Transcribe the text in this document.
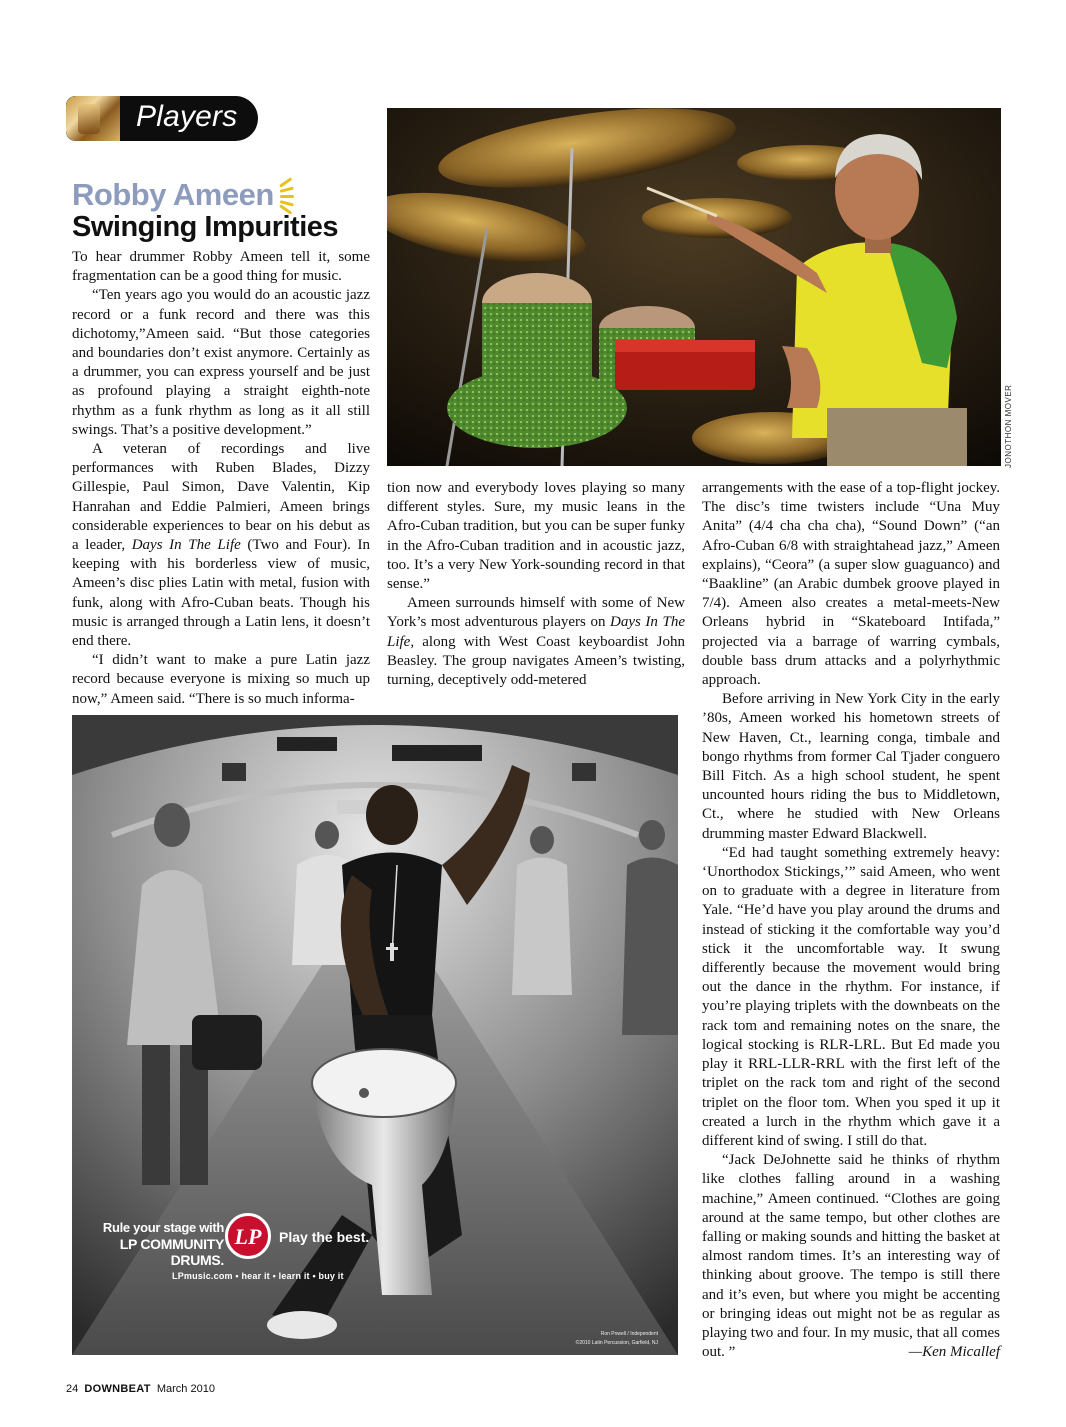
Players
Robby Ameen
Swinging Impurities

To hear drummer Robby Ameen tell it, some fragmentation can be a good thing for music.

“Ten years ago you would do an acoustic jazz record or a funk record and there was this dichotomy,”Ameen said. “But those categories and boundaries don’t exist anymore. Certainly as a drummer, you can express yourself and be just as profound playing a straight eighth-note rhythm as a funk rhythm as long as it all still swings. That’s a positive development.”

A veteran of recordings and live performances with Ruben Blades, Dizzy Gillespie, Paul Simon, Dave Valentin, Kip Hanrahan and Eddie Palmieri, Ameen brings considerable experiences to bear on his debut as a leader, Days In The Life (Two and Four). In keeping with his borderless view of music, Ameen’s disc plies Latin with metal, fusion with funk, along with Afro-Cuban beats. Though his music is arranged through a Latin lens, it doesn’t end there.

“I didn’t want to make a pure Latin jazz record because everyone is mixing so much up now,” Ameen said. “There is so much informa-

JONOTHON MOVER

tion now and everybody loves playing so many different styles. Sure, my music leans in the Afro-Cuban tradition, but you can be super funky in the Afro-Cuban tradition and in acoustic jazz, too. It’s a very New York-sounding record in that sense.”

Ameen surrounds himself with some of New York’s most adventurous players on Days In The Life, along with West Coast keyboardist John Beasley. The group navigates Ameen’s twisting, turning, deceptively odd-metered

arrangements with the ease of a top-flight jockey. The disc’s time twisters include “Una Muy Anita” (4/4 cha cha cha), “Sound Down” (“an Afro-Cuban 6/8 with straightahead jazz,” Ameen explains), “Ceora” (a super slow guaguanco) and “Baakline” (an Arabic dumbek groove played in 7/4). Ameen also creates a metal-meets-New Orleans hybrid in “Skateboard Intifada,” projected via a barrage of warring cymbals, double bass drum attacks and a polyrhythmic approach.

Before arriving in New York City in the early ’80s, Ameen worked his hometown streets of New Haven, Ct., learning conga, timbale and bongo rhythms from former Cal Tjader conguero Bill Fitch. As a high school student, he spent uncounted hours riding the bus to Middletown, Ct., where he studied with New Orleans drumming master Edward Blackwell.

“Ed had taught something extremely heavy: ‘Unorthodox Stickings,’” said Ameen, who went on to graduate with a degree in literature from Yale. “He’d have you play around the drums and instead of sticking it the comfortable way you’d stick it the uncomfortable way. It swung differently because the movement would bring out the dance in the rhythm. For instance, if you’re playing triplets with the downbeats on the rack tom and remaining notes on the snare, the logical stocking is RLR-LRL. But Ed made you play it RRL-LLR-RRL with the first left of the triplet on the rack tom and right of the second triplet on the floor tom. When you sped it up it created a lurch in the rhythm which gave it a different kind of swing. I still do that.

“Jack DeJohnette said he thinks of rhythm like clothes falling around in a washing machine,” Ameen continued. “Clothes are going around at the same tempo, but other clothes are falling or making sounds and hitting the basket at almost random times. It’s an interesting way of thinking about groove. The tempo is still there and it’s even, but where you might be accenting or bringing ideas out might not be as regular as playing two and four. In my music, that all comes out. ”	—Ken Micallef
Rule your stage with
LP COMMUNITY DRUMS.
LP	Play the best.
LPmusic.com • hear it • learn it • buy it
Ron Powell / Independent
©2010 Latin Percussion, Garfield, NJ
24 DOWNBEAT March 2010
